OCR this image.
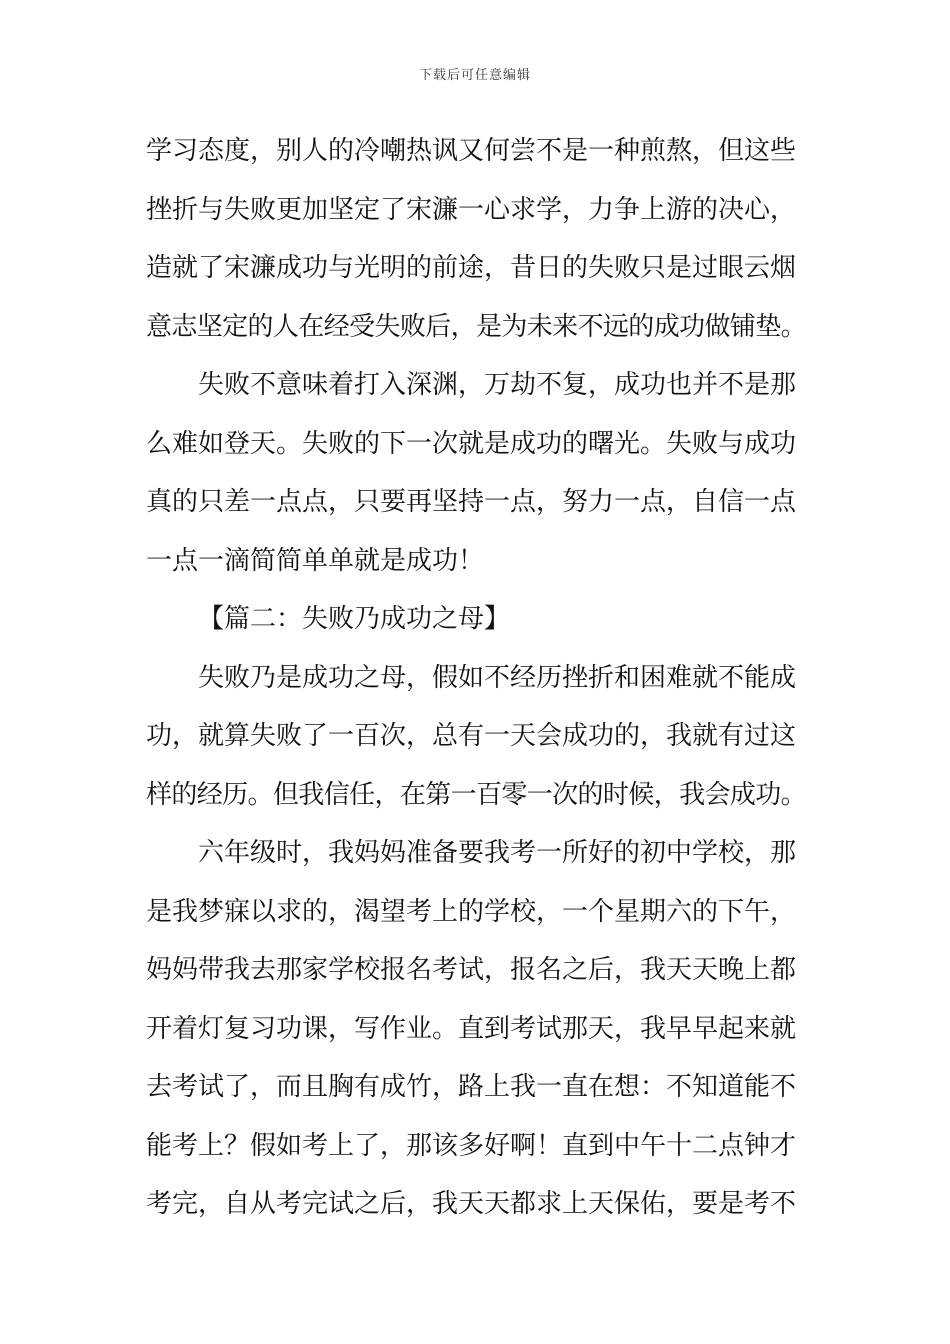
下载后可任意编辑
学习态度，别人的冷嘲热讽又何尝不是一种煎熬，但这些
挫折与失败更加坚定了宋濂一心求学，力争上游的决心，
造就了宋濂成功与光明的前途，昔日的失败只是过眼云烟
意志坚定的人在经受失败后，是为未来不远的成功做铺垫。
失败不意味着打入深渊，万劫不复，成功也并不是那
么难如登天。失败的下一次就是成功的曙光。失败与成功
真的只差一点点，只要再坚持一点，努力一点，自信一点
一点一滴简简单单就是成功！
【篇二：失败乃成功之母】
失败乃是成功之母，假如不经历挫折和困难就不能成
功，就算失败了一百次，总有一天会成功的，我就有过这
样的经历。但我信任，在第一百零一次的时候，我会成功。
六年级时，我妈妈准备要我考一所好的初中学校，那
是我梦寐以求的，渴望考上的学校，一个星期六的下午，
妈妈带我去那家学校报名考试，报名之后，我天天晚上都
开着灯复习功课，写作业。直到考试那天，我早早起来就
去考试了，而且胸有成竹，路上我一直在想：不知道能不
能考上？假如考上了，那该多好啊！直到中午十二点钟才
考完，自从考完试之后，我天天都求上天保佑，要是考不
